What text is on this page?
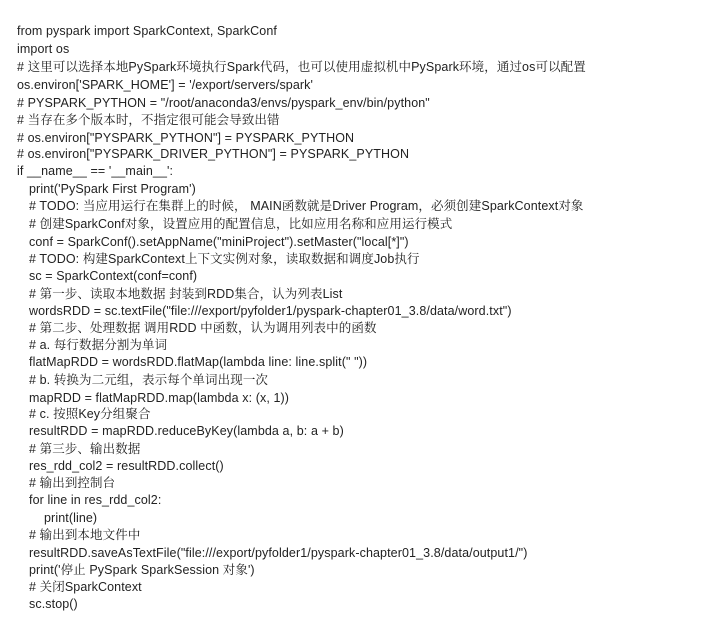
from pyspark import SparkContext, SparkConf
import os
# 这里可以选择本地PySpark环境执行Spark代码，也可以使用虚拟机中PySpark环境，通过os可以配置
os.environ['SPARK_HOME'] = '/export/servers/spark'
# PYSPARK_PYTHON = "/root/anaconda3/envs/pyspark_env/bin/python"
# 当存在多个版本时，不指定很可能会导致出错
# os.environ["PYSPARK_PYTHON"] = PYSPARK_PYTHON
# os.environ["PYSPARK_DRIVER_PYTHON"] = PYSPARK_PYTHON
if __name__ == '__main__':
print('PySpark First Program')
# TODO: 当应用运行在集群上的时候， MAIN函数就是Driver Program，必须创建SparkContext对象
# 创建SparkConf对象，设置应用的配置信息，比如应用名称和应用运行模式
conf = SparkConf().setAppName("miniProject").setMaster("local[*]")
# TODO: 构建SparkContext上下文实例对象，读取数据和调度Job执行
sc = SparkContext(conf=conf)
# 第一步、读取本地数据 封装到RDD集合，认为列表List
wordsRDD = sc.textFile("file:///export/pyfolder1/pyspark-chapter01_3.8/data/word.txt")
# 第二步、处理数据 调用RDD 中函数，认为调用列表中的函数
# a. 每行数据分割为单词
flatMapRDD = wordsRDD.flatMap(lambda line: line.split(" "))
# b. 转换为二元组，表示每个单词出现一次
mapRDD = flatMapRDD.map(lambda x: (x, 1))
# c. 按照Key分组聚合
resultRDD = mapRDD.reduceByKey(lambda a, b: a + b)
# 第三步、输出数据
res_rdd_col2 = resultRDD.collect()
# 输出到控制台
for line in res_rdd_col2:
print(line)
# 输出到本地文件中
resultRDD.saveAsTextFile("file:///export/pyfolder1/pyspark-chapter01_3.8/data/output1/")
print('停止 PySpark SparkSession 对象')
# 关闭SparkContext
sc.stop()
